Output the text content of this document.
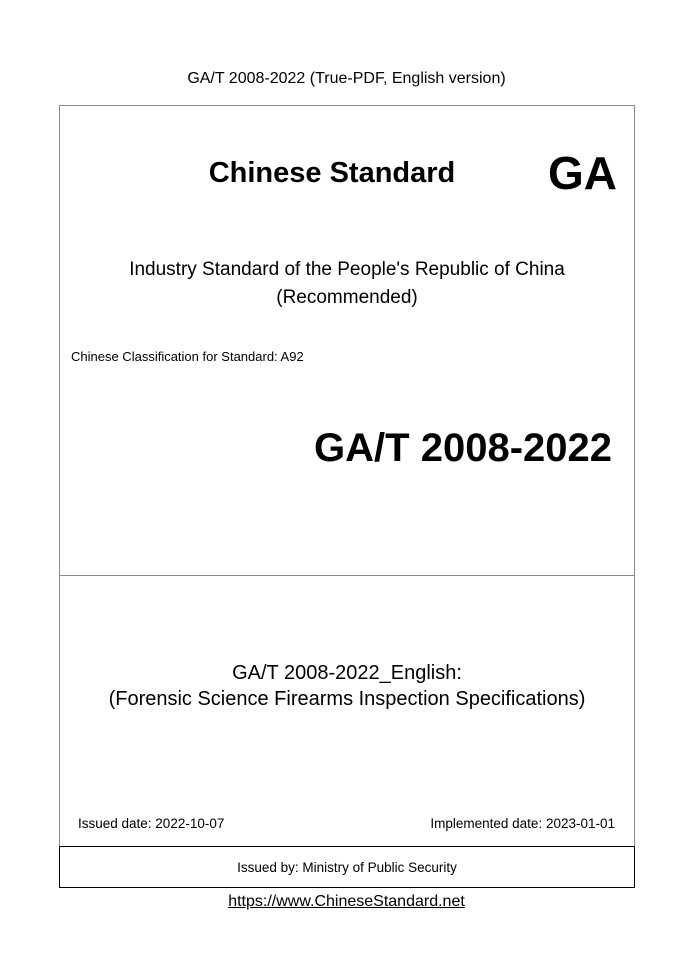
GA/T 2008-2022 (True-PDF, English version)
Chinese Standard	GA
Industry Standard of the People's Republic of China
(Recommended)
Chinese Classification for Standard: A92
GA/T 2008-2022
GA/T 2008-2022_English:
(Forensic Science Firearms Inspection Specifications)
Issued date: 2022-10-07	Implemented date: 2023-01-01
Issued by: Ministry of Public Security
https://www.ChineseStandard.net
